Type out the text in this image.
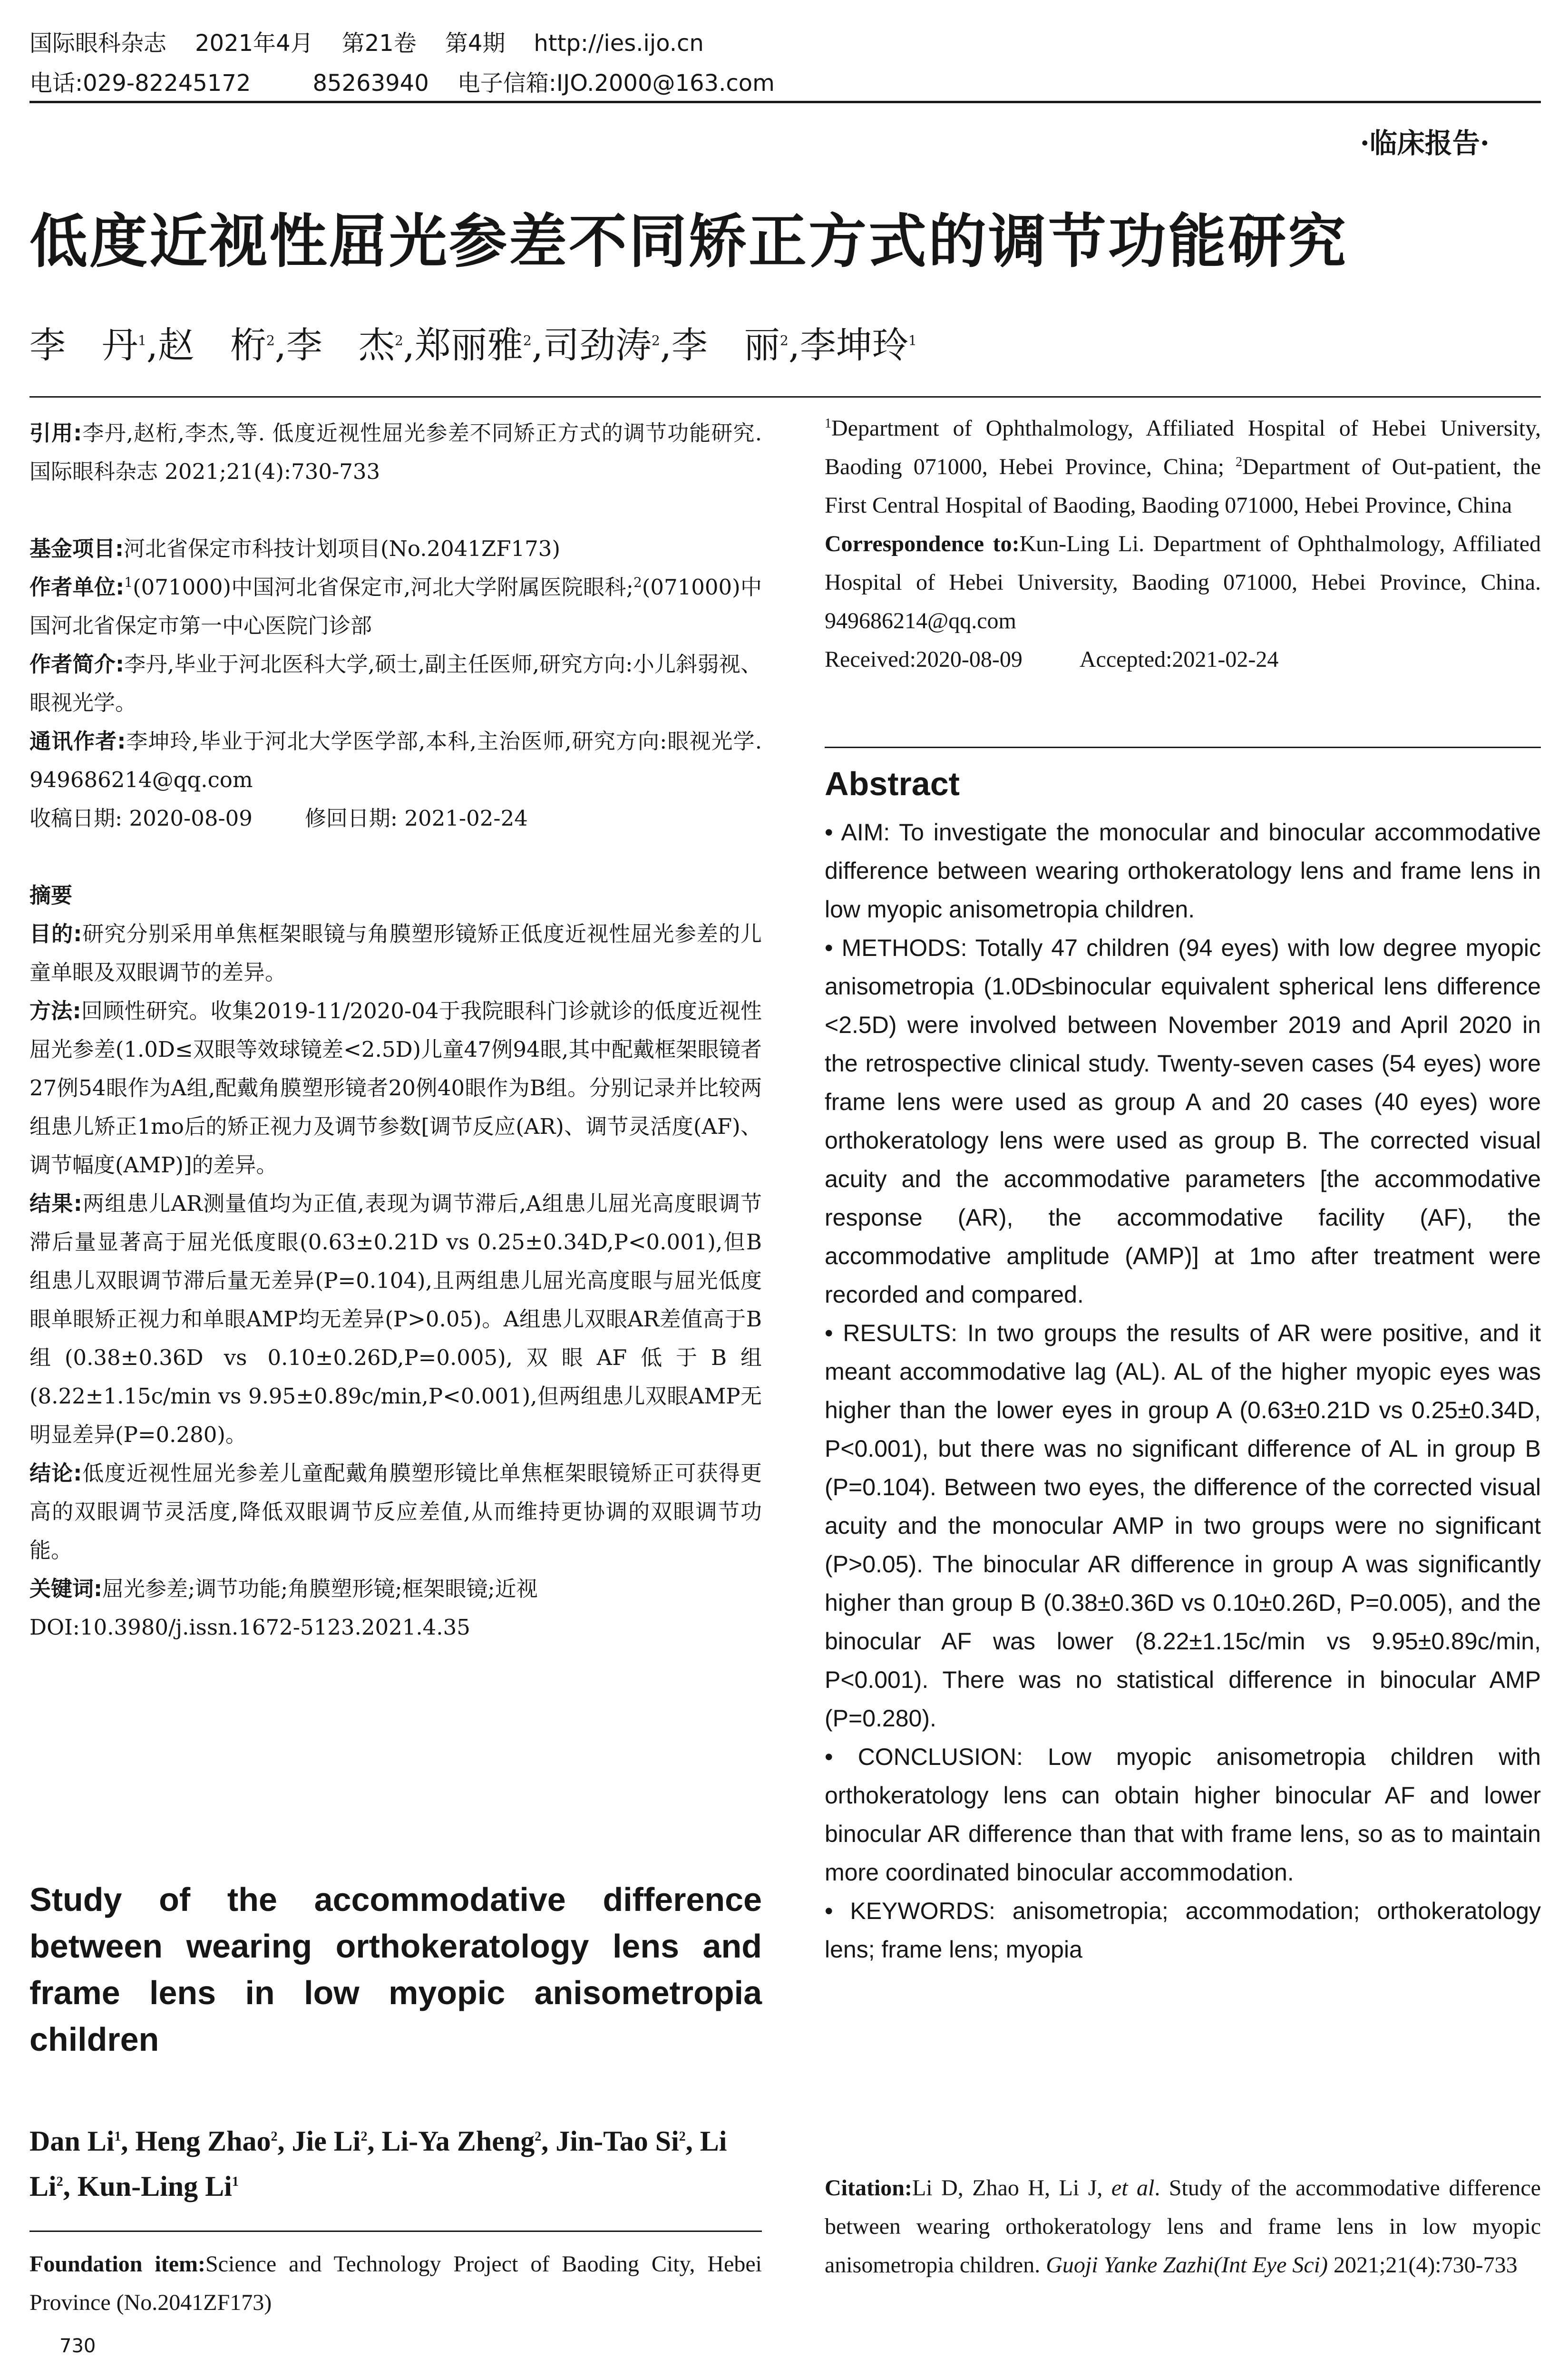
国际眼科杂志 2021年4月 第21卷 第4期 http://ies.ijo.cn
电话:029-82245172	85263940 电子信箱:IJO.2000@163.com
·临床报告·
低度近视性屈光参差不同矫正方式的调节功能研究
李　丹$^1$,赵　桁$^2$,李　杰$^2$,郑丽雅$^2$,司劲涛$^2$,李　丽$^2$,李坤玲$^1$

引用:李丹,赵桁,李杰,等. 低度近视性屈光参差不同矫正方式的调节功能研究. 国际眼科杂志 2021;21(4):730-733

基金项目:河北省保定市科技计划项目(No.2041ZF173)

作者单位:$^1$(071000)中国河北省保定市,河北大学附属医院眼科;$^2$(071000)中国河北省保定市第一中心医院门诊部

作者简介:李丹,毕业于河北医科大学,硕士,副主任医师,研究方向:小儿斜弱视、眼视光学。

通讯作者:李坤玲,毕业于河北大学医学部,本科,主治医师,研究方向:眼视光学. 949686214@qq.com

收稿日期: 2020-08-09 修回日期: 2021-02-24

摘要

目的:研究分别采用单焦框架眼镜与角膜塑形镜矫正低度近视性屈光参差的儿童单眼及双眼调节的差异。

方法:回顾性研究。收集2019-11/2020-04于我院眼科门诊就诊的低度近视性屈光参差(1.0D≤双眼等效球镜差<2.5D)儿童47例94眼,其中配戴框架眼镜者27例54眼作为A组,配戴角膜塑形镜者20例40眼作为B组。分别记录并比较两组患儿矫正1mo后的矫正视力及调节参数[调节反应(AR)、调节灵活度(AF)、调节幅度(AMP)]的差异。

结果:两组患儿AR测量值均为正值,表现为调节滞后,A组患儿屈光高度眼调节滞后量显著高于屈光低度眼(0.63±0.21D vs 0.25±0.34D,P<0.001),但B组患儿双眼调节滞后量无差异(P=0.104),且两组患儿屈光高度眼与屈光低度眼单眼矫正视力和单眼AMP均无差异(P>0.05)。A组患儿双眼AR差值高于B组(0.38±0.36D vs 0.10±0.26D,P=0.005),双眼AF低于B组(8.22±1.15c/min vs 9.95±0.89c/min,P<0.001),但两组患儿双眼AMP无明显差异(P=0.280)。

结论:低度近视性屈光参差儿童配戴角膜塑形镜比单焦框架眼镜矫正可获得更高的双眼调节灵活度,降低双眼调节反应差值,从而维持更协调的双眼调节功能。

关键词:屈光参差;调节功能;角膜塑形镜;框架眼镜;近视

DOI:10.3980/j.issn.1672-5123.2021.4.35

Study of the accommodative difference between wearing orthokeratology lens and frame lens in low myopic anisometropia children
Dan Li$^1$, Heng Zhao$^2$, Jie Li$^2$, Li-Ya Zheng$^2$, Jin-Tao Si$^2$, Li Li$^2$, Kun-Ling Li$^1$

Foundation item:Science and Technology Project of Baoding City, Hebei Province (No.2041ZF173)

730

$^1$Department of Ophthalmology, Affiliated Hospital of Hebei University, Baoding 071000, Hebei Province, China; $^2$Department of Out-patient, the First Central Hospital of Baoding, Baoding 071000, Hebei Province, China

Correspondence to:Kun-Ling Li. Department of Ophthalmology, Affiliated Hospital of Hebei University, Baoding 071000, Hebei Province, China. 949686214@qq.com

Received:2020-08-09	Accepted:2021-02-24

Abstract

• AIM: To investigate the monocular and binocular accommodative difference between wearing orthokeratology lens and frame lens in low myopic anisometropia children.

• METHODS: Totally 47 children (94 eyes) with low degree myopic anisometropia (1.0D≤binocular equivalent spherical lens difference <2.5D) were involved between November 2019 and April 2020 in the retrospective clinical study. Twenty-seven cases (54 eyes) wore frame lens were used as group A and 20 cases (40 eyes) wore orthokeratology lens were used as group B. The corrected visual acuity and the accommodative parameters [the accommodative response (AR), the accommodative facility (AF), the accommodative amplitude (AMP)] at 1mo after treatment were recorded and compared.

• RESULTS: In two groups the results of AR were positive, and it meant accommodative lag (AL). AL of the higher myopic eyes was higher than the lower eyes in group A (0.63±0.21D vs 0.25±0.34D, P<0.001), but there was no significant difference of AL in group B (P=0.104). Between two eyes, the difference of the corrected visual acuity and the monocular AMP in two groups were no significant (P>0.05). The binocular AR difference in group A was significantly higher than group B (0.38±0.36D vs 0.10±0.26D, P=0.005), and the binocular AF was lower (8.22±1.15c/min vs 9.95±0.89c/min, P<0.001). There was no statistical difference in binocular AMP (P=0.280).

• CONCLUSION: Low myopic anisometropia children with orthokeratology lens can obtain higher binocular AF and lower binocular AR difference than that with frame lens, so as to maintain more coordinated binocular accommodation.

• KEYWORDS: anisometropia; accommodation; orthokeratology lens; frame lens; myopia

Citation:Li D, Zhao H, Li J, et al. Study of the accommodative difference between wearing orthokeratology lens and frame lens in low myopic anisometropia children. Guoji Yanke Zazhi(Int Eye Sci) 2021;21(4):730-733
